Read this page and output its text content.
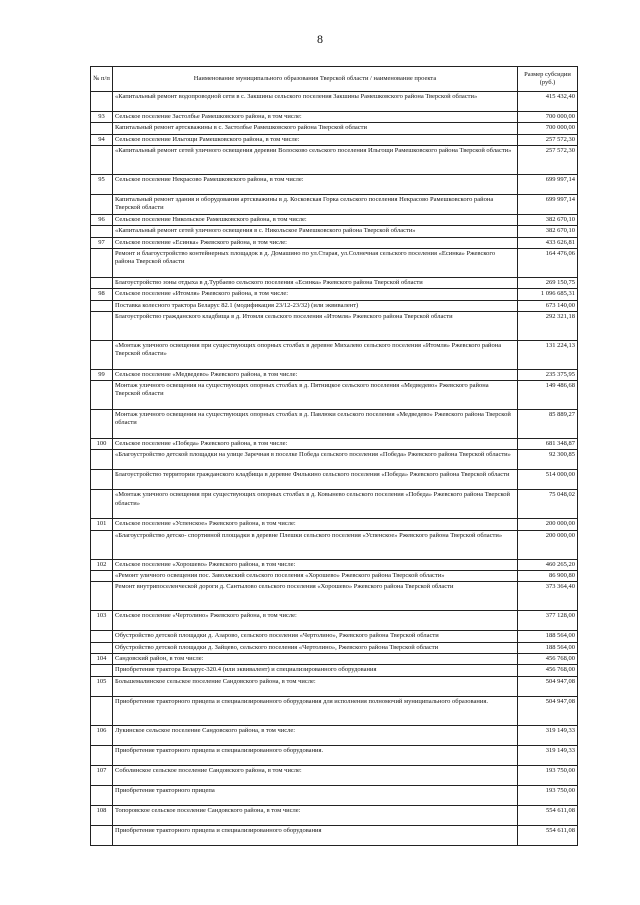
8
№ п/п	Наименование муниципального образования Тверской области / наименование проекта	Размер субсидии (руб.)
	«Капитальный ремонт водопроводной сети в с. Закшины сельского поселения Закшины Рамешковского района Тверской области»	415 432,40
93	Сельское поселение Застолбье Рамешковского района, в том числе:	700 000,00
	Капитальный ремонт артскважины в с. Застолбье Рамешковского района Тверской области	700 000,00
94	Сельское поселение Ильгощи Рамешковского района, в том числе:	257 572,30
	«Капитальный ремонт сетей уличного освещения деревни Волосково сельского поселения Ильгощи Рамешковского района Тверской области»	257 572,30
95	Сельское поселение Некрасово Рамешковского района, в том числе:	699 997,14
	Капитальный ремонт здания и оборудования артскважины в д. Косковская Горка сельского поселения Некрасово Рамешковского района Тверской области	699 997,14
96	Сельское поселение Никольское Рамешковского района, в том числе:	382 670,10
	«Капитальный ремонт сетей уличного освещения в с. Никольское Рамешковского района Тверской области»	382 670,10
97	Сельское поселение «Есинка» Ржевского района, в том числе:	433 626,81
	Ремонт и благоустройство контейнерных площадок в д. Домашино по ул.Старая, ул.Солнечная сельского поселения «Есинка» Ржевского района Тверской области	164 476,06
	Благоустройство зоны отдыха в д.Турбаево сельского поселения «Есинка» Ржевского района Тверской области	269 150,75
98	Сельское поселение «Итомля» Ржевского района, в том числе:	1 096 685,31
	Поставка колесного трактора Беларус 82.1 (модификация 23/12-23/32) (или эквивалент)	673 140,00
	Благоустройство гражданского кладбища в д. Итомля сельского поселения «Итомля» Ржевского района Тверской области	292 321,18
	«Монтаж уличного освещения при существующих опорных столбах в деревне Михалево сельского поселения «Итомля» Ржевского района Тверской области»	131 224,13
99	Сельское поселение «Медведево» Ржевского района, в том числе:	235 375,95
	Монтаж уличного освещения на существующих опорных столбах в д. Пятницкое сельского поселения «Медведево» Ржевского района Тверской области	149 486,68
	Монтаж уличного освещения на существующих опорных столбах в д. Павлюки сельского поселения «Медведево» Ржевского района Тверской области	85 889,27
100	Сельское поселение «Победа» Ржевского района, в том числе:	681 348,87
	«Благоустройство детской площадки на улице Заречная в поселке Победа сельского поселения «Победа» Ржевского района Тверской области»	92 300,85
	Благоустройство территории гражданского кладбища в деревне Филькино сельского поселения «Победа» Ржевского района Тверской области	514 000,00
	«Монтаж уличного освещения при существующих опорных столбах в д. Ковынево сельского поселения «Победа» Ржевского района Тверской области»	75 048,02
101	Сельское поселение «Успенское» Ржевского района, в том числе:	200 000,00
	«Благоустройство детско- спортивной площадки в деревне Плешки сельского поселения «Успенское» Ржевского района Тверской области»	200 000,00
102	Сельское поселение «Хорошево» Ржевского района, в том числе:	460 265,20
	«Ремонт уличного освещения пос. Заволжский сельского поселения «Хорошево» Ржевского района Тверской области»	86 900,80
	Ремонт внутрипоселенческой дороги д. Сантылово сельского поселения «Хорошево» Ржевского района Тверской области	373 364,40
103	Сельское поселение «Чертолино» Ржевского района, в том числе:	377 128,00
	Обустройство детской площадки д. Азарово, сельского поселения «Чертолино», Ржевского района Тверской области	188 564,00
	Обустройство детской площадки д. Зайцево, сельского поселения «Чертолино», Ржевского района Тверской области	188 564,00
104	Сандовский район, в том числе:	456 768,00
	Приобретение трактора Беларус-320.4 (или эквивалент) и специализированного оборудования	456 768,00
105	Большемалинское сельское поселение Сандовского района, в том числе:	504 947,08
	Приобретение тракторного прицепа и специализированного оборудования для исполнения полномочий муниципального образования.	504 947,08
106	Лукинское сельское поселение Сандовского района, в том числе:	319 149,33
	Приобретение тракторного прицепа и специализированного оборудования.	319 149,33
107	Соболинское сельское поселение Сандовского района, в том числе:	193 750,00
	Приобретение тракторного прицепа	193 750,00
108	Топоровское сельское поселение Сандовского района, в том числе:	554 611,08
	Приобретение тракторного прицепа и специализированного оборудования	554 611,08
